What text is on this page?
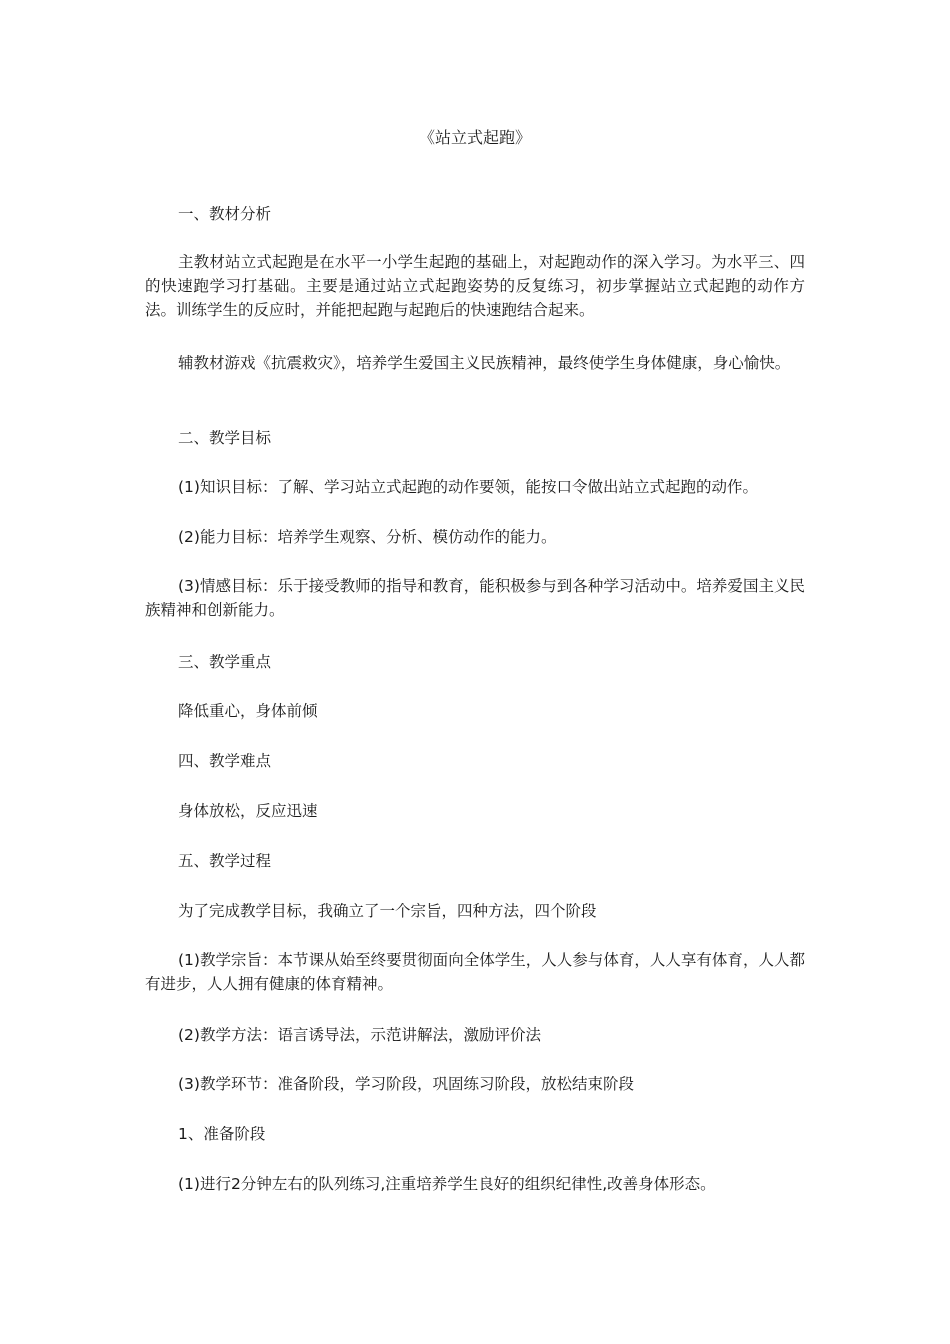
《站立式起跑》

一、教材分析

主教材站立式起跑是在水平一小学生起跑的基础上，对起跑动作的深入学习。为水平三、四的快速跑学习打基础。主要是通过站立式起跑姿势的反复练习，初步掌握站立式起跑的动作方法。训练学生的反应时，并能把起跑与起跑后的快速跑结合起来。

辅教材游戏《抗震救灾》，培养学生爱国主义民族精神，最终使学生身体健康，身心愉快。

二、教学目标

(1)知识目标：了解、学习站立式起跑的动作要领，能按口令做出站立式起跑的动作。

(2)能力目标：培养学生观察、分析、模仿动作的能力。

(3)情感目标：乐于接受教师的指导和教育，能积极参与到各种学习活动中。培养爱国主义民族精神和创新能力。

三、教学重点

降低重心，身体前倾

四、教学难点

身体放松，反应迅速

五、教学过程

为了完成教学目标，我确立了一个宗旨，四种方法，四个阶段

(1)教学宗旨：本节课从始至终要贯彻面向全体学生，人人参与体育，人人享有体育，人人都有进步，人人拥有健康的体育精神。

(2)教学方法：语言诱导法，示范讲解法，激励评价法

(3)教学环节：准备阶段，学习阶段，巩固练习阶段，放松结束阶段

1、准备阶段

(1)进行2分钟左右的队列练习,注重培养学生良好的组织纪律性,改善身体形态。
